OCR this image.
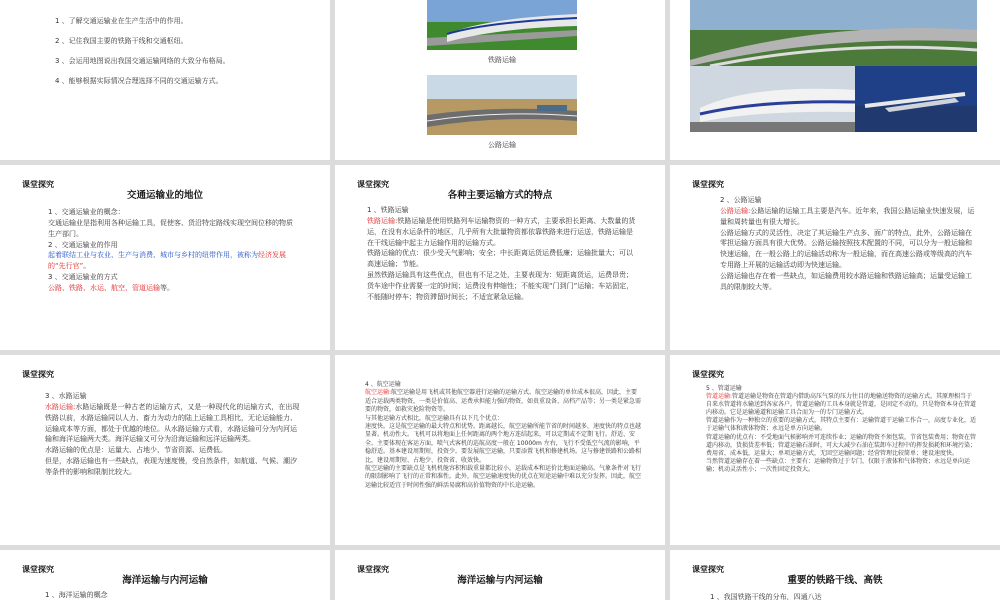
1 、了解交通运输业在生产生活中的作用。

2 、记住我国主要的铁路干线和交通枢纽。

3 、会运用地图说出我国交通运输网络的大致分布格局。

4 、能够根据实际情况合理选择不同的交通运输方式。

铁路运输
公路运输
课堂探究
交通运输业的地位

1 、交通运输业的概念：

交通运输业是指利用各种运输工具，促使客、货沿特定路线实现空间位移的物质生产部门。

2 、交通运输业的作用

起着联结工业与农业、生产与消费、城市与乡村的纽带作用，被称为经济发展的“先行官”。

3 、交通运输业的方式

公路、铁路、水运、航空、管道运输等。

课堂探究
各种主要运输方式的特点

1 、铁路运输

铁路运输:铁路运输是使用铁路列车运输物资的一种方式，主要承担长距离、大数量的货运，在没有水运条件的地区，几乎所有大批量物资都依靠铁路来进行运送，铁路运输是在干线运输中起主力运输作用的运输方式。

铁路运输的优点：很少受天气影响；安全；中长距离运货运费低廉；运输批量大；可以高速运输；节能。

虽然铁路运输具有这些优点，但也有不足之处，主要表现为：短距离货运，运费昂贵；货车途中作业需要一定的时间；运费没有伸缩性；不能实现“门到门”运输；车站固定，不能随时停车；物资滞留时间长；不适宜紧急运输。

课堂探究

2 、公路运输

公路运输:公路运输的运输工具主要是汽车。近年来，我国公路运输业快速发展，运量和周转量也有很大增长。

公路运输方式的灵活性，决定了其运输生产点多、面广的特点，此外，公路运输在零担运输方面具有很大优势。公路运输按照技术配置的不同，可以分为一般运输和快速运输，在一般公路上的运输活动称为一般运输，而在高速公路或等级高的汽车专用路上开展的运输活动即为快速运输。

公路运输也存在着一些缺点，如运输费用较水路运输和铁路运输高；运量受运输工具的限制较大等。

课堂探究

3 、水路运输

水路运输:水路运输既是一种古老的运输方式，又是一种现代化的运输方式，在出现铁路以前，水路运输同以人力、畜力为动力的陆上运输工具相比，无论运输能力、运输成本等方面，都处于优越的地位。从水路运输方式看，水路运输可分为内河运输和海洋运输两大类。海洋运输又可分为沿海运输和远洋运输两类。

水路运输的优点是：运量大、占地少、节省资源、运费低。

但是，水路运输也有一些缺点，表现为速度慢，受自然条件，如航道、气候、潮汐等条件的影响和限制比较大。

4 、航空运输

航空运输:航空运输是用飞机或其他航空器进行运输的运输方式。航空运输的单位成本很高，因此，主要适合运载两类物资，一类是价值高、运费承担能力强的物资，如贵重设备、高档产品等；另一类是紧急需要的物资，如救灾抢险物资等。

与其他运输方式相比，航空运输具有以下几个优点：

速度快。这是航空运输的最大特点和优势。距离越长，航空运输所能节省的时间越多，速度快的特点也越显著。机动性大。飞机可以将地面上任何距离的两个地方连结起来，可以定期或不定期飞行。舒适、安全。主要体现在客运方面，喷气式客机的巡航高度一般在 10000m 左右，飞行不受低空气流的影响，平稳舒适。基本建设周期短，投资少。要发展航空运输，只要添置飞机和修建机场。这与修建铁路和公路相比，建设周期短、占地少、投资省、收效快。

航空运输的主要缺点是飞机机舱容积和载重量都比较小，运载成本和运价比地面运输高。气象条件对飞行的限制影响了飞行的正常和准性。此外，航空运输速度快的优点在短途运输中难以充分发挥。因此，航空运输比较适宜于时间性强的鲜活易腐和高价值物资的中长途运输。

课堂探究

5 、管道运输

管道运输:管道运输是物资在管道内借助高压气泵的压力往目的地输送物资的运输方式。其原理相当于自来水管道将水输送到各家各户。管道运输的工具本身就是管道，是固定不动的，只是物资本身在管道内移动。它是运输通道和运输工具合而为一的专门运输方式。

管道运输作为一种独立的重要的运输方式，其特点主要有：运输管道干运输工作合一，高度专业化，适于运输气体和液体物资；永远是单方向运输。

管道运输的优点有：不受地面气候影响并可连续作业；运输的物资不须包装，节省包装费用；物资在管道内移动，货损货差率低；管道运输石油时，可大大减少石油在装卸车过程中的挥发损耗和环境污染；费用省，成本低，运量大；单项运输方式，无回空运输问题；经营管理比较简单；建设速度快。

当然管道运输存在着一些缺点：主要有：运输物资过于专门，仅限于液体和气体物资；永远是单向运输；机动灵活性小；一次性固定投资大。

课堂探究
海洋运输与内河运输
1 、海洋运输的概念
课堂探究
海洋运输与内河运输
课堂探究
重要的铁路干线、高铁
1 、我国铁路干线的分布，四通八达
